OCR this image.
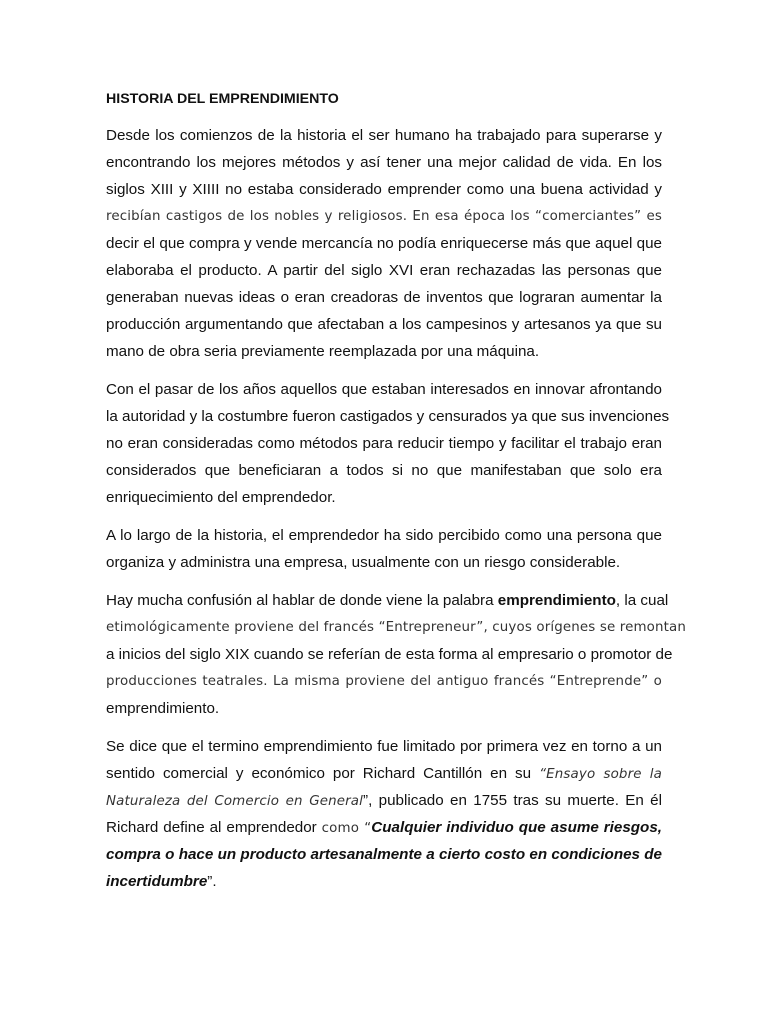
HISTORIA DEL EMPRENDIMIENTO
Desde los comienzos de la historia el ser humano ha trabajado para superarse y
encontrando los mejores métodos y así tener una mejor calidad de vida. En los
siglos XIII y XIIII no estaba considerado emprender como una buena actividad y
recibían castigos de los nobles y religiosos. En esa época los “comerciantes” es
decir el que compra y vende mercancía no podía enriquecerse más que aquel que
elaboraba el producto. A partir del siglo XVI eran rechazadas las personas que
generaban nuevas ideas o eran creadoras de inventos que lograran aumentar la
producción argumentando que afectaban a los campesinos y artesanos ya que su
mano de obra seria previamente reemplazada por una máquina.
Con el pasar de los años aquellos que estaban interesados en innovar afrontando
la autoridad y la costumbre fueron castigados y censurados ya que sus invenciones
no eran consideradas como métodos para reducir tiempo y facilitar el trabajo eran
considerados que beneficiaran a todos si no que manifestaban que solo era
enriquecimiento del emprendedor.
A lo largo de la historia, el emprendedor ha sido percibido como una persona que
organiza y administra una empresa, usualmente con un riesgo considerable.
Hay mucha confusión al hablar de donde viene la palabra emprendimiento, la cual
etimológicamente proviene del francés “Entrepreneur”, cuyos orígenes se remontan
a inicios del siglo XIX cuando se referían de esta forma al empresario o promotor de
producciones teatrales. La misma proviene del antiguo francés “Entreprende” o
emprendimiento.
Se dice que el termino emprendimiento fue limitado por primera vez en torno a un
sentido comercial y económico por Richard Cantillón en su “Ensayo sobre la
Naturaleza del Comercio en General”, publicado en 1755 tras su muerte. En él
Richard define al emprendedor como “Cualquier individuo que asume riesgos,
compra o hace un producto artesanalmente a cierto costo en condiciones de
incertidumbre”.
